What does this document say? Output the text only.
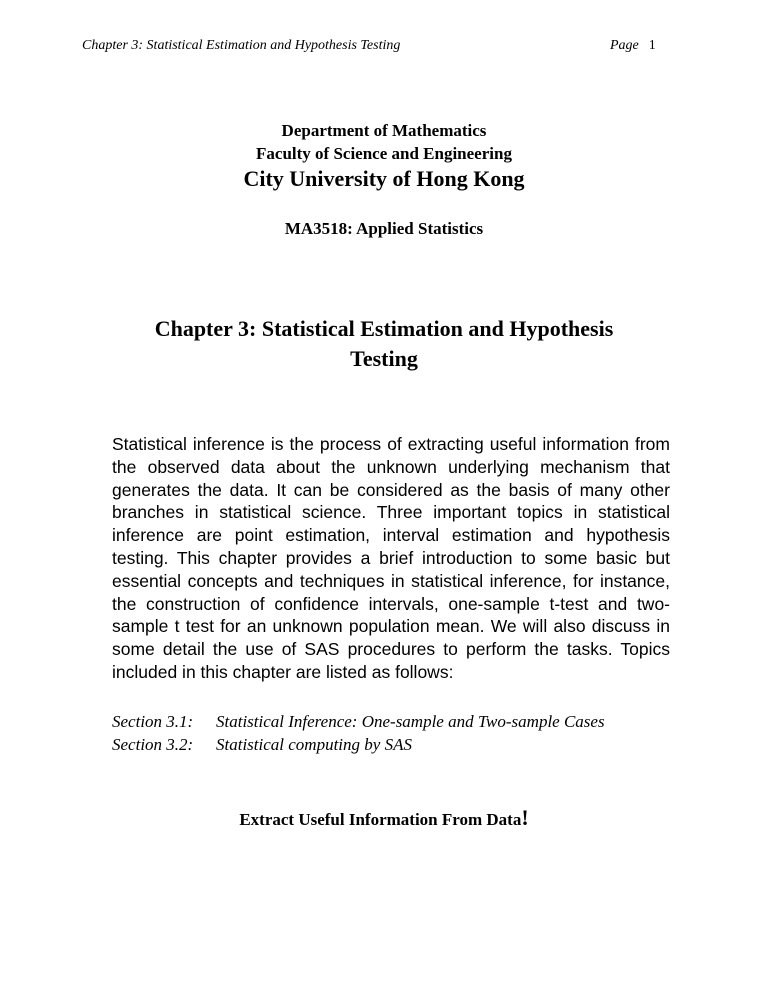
Chapter 3: Statistical Estimation and Hypothesis Testing	Page 1
Department of Mathematics
Faculty of Science and Engineering
City University of Hong Kong
MA3518: Applied Statistics
Chapter 3: Statistical Estimation and Hypothesis Testing
Statistical inference is the process of extracting useful information from the observed data about the unknown underlying mechanism that generates the data. It can be considered as the basis of many other branches in statistical science. Three important topics in statistical inference are point estimation, interval estimation and hypothesis testing. This chapter provides a brief introduction to some basic but essential concepts and techniques in statistical inference, for instance, the construction of confidence intervals, one-sample t-test and two-sample t test for an unknown population mean. We will also discuss in some detail the use of SAS procedures to perform the tasks. Topics included in this chapter are listed as follows:
Section 3.1:	Statistical Inference: One-sample and Two-sample Cases
Section 3.2:	Statistical computing by SAS
Extract Useful Information From Data!
